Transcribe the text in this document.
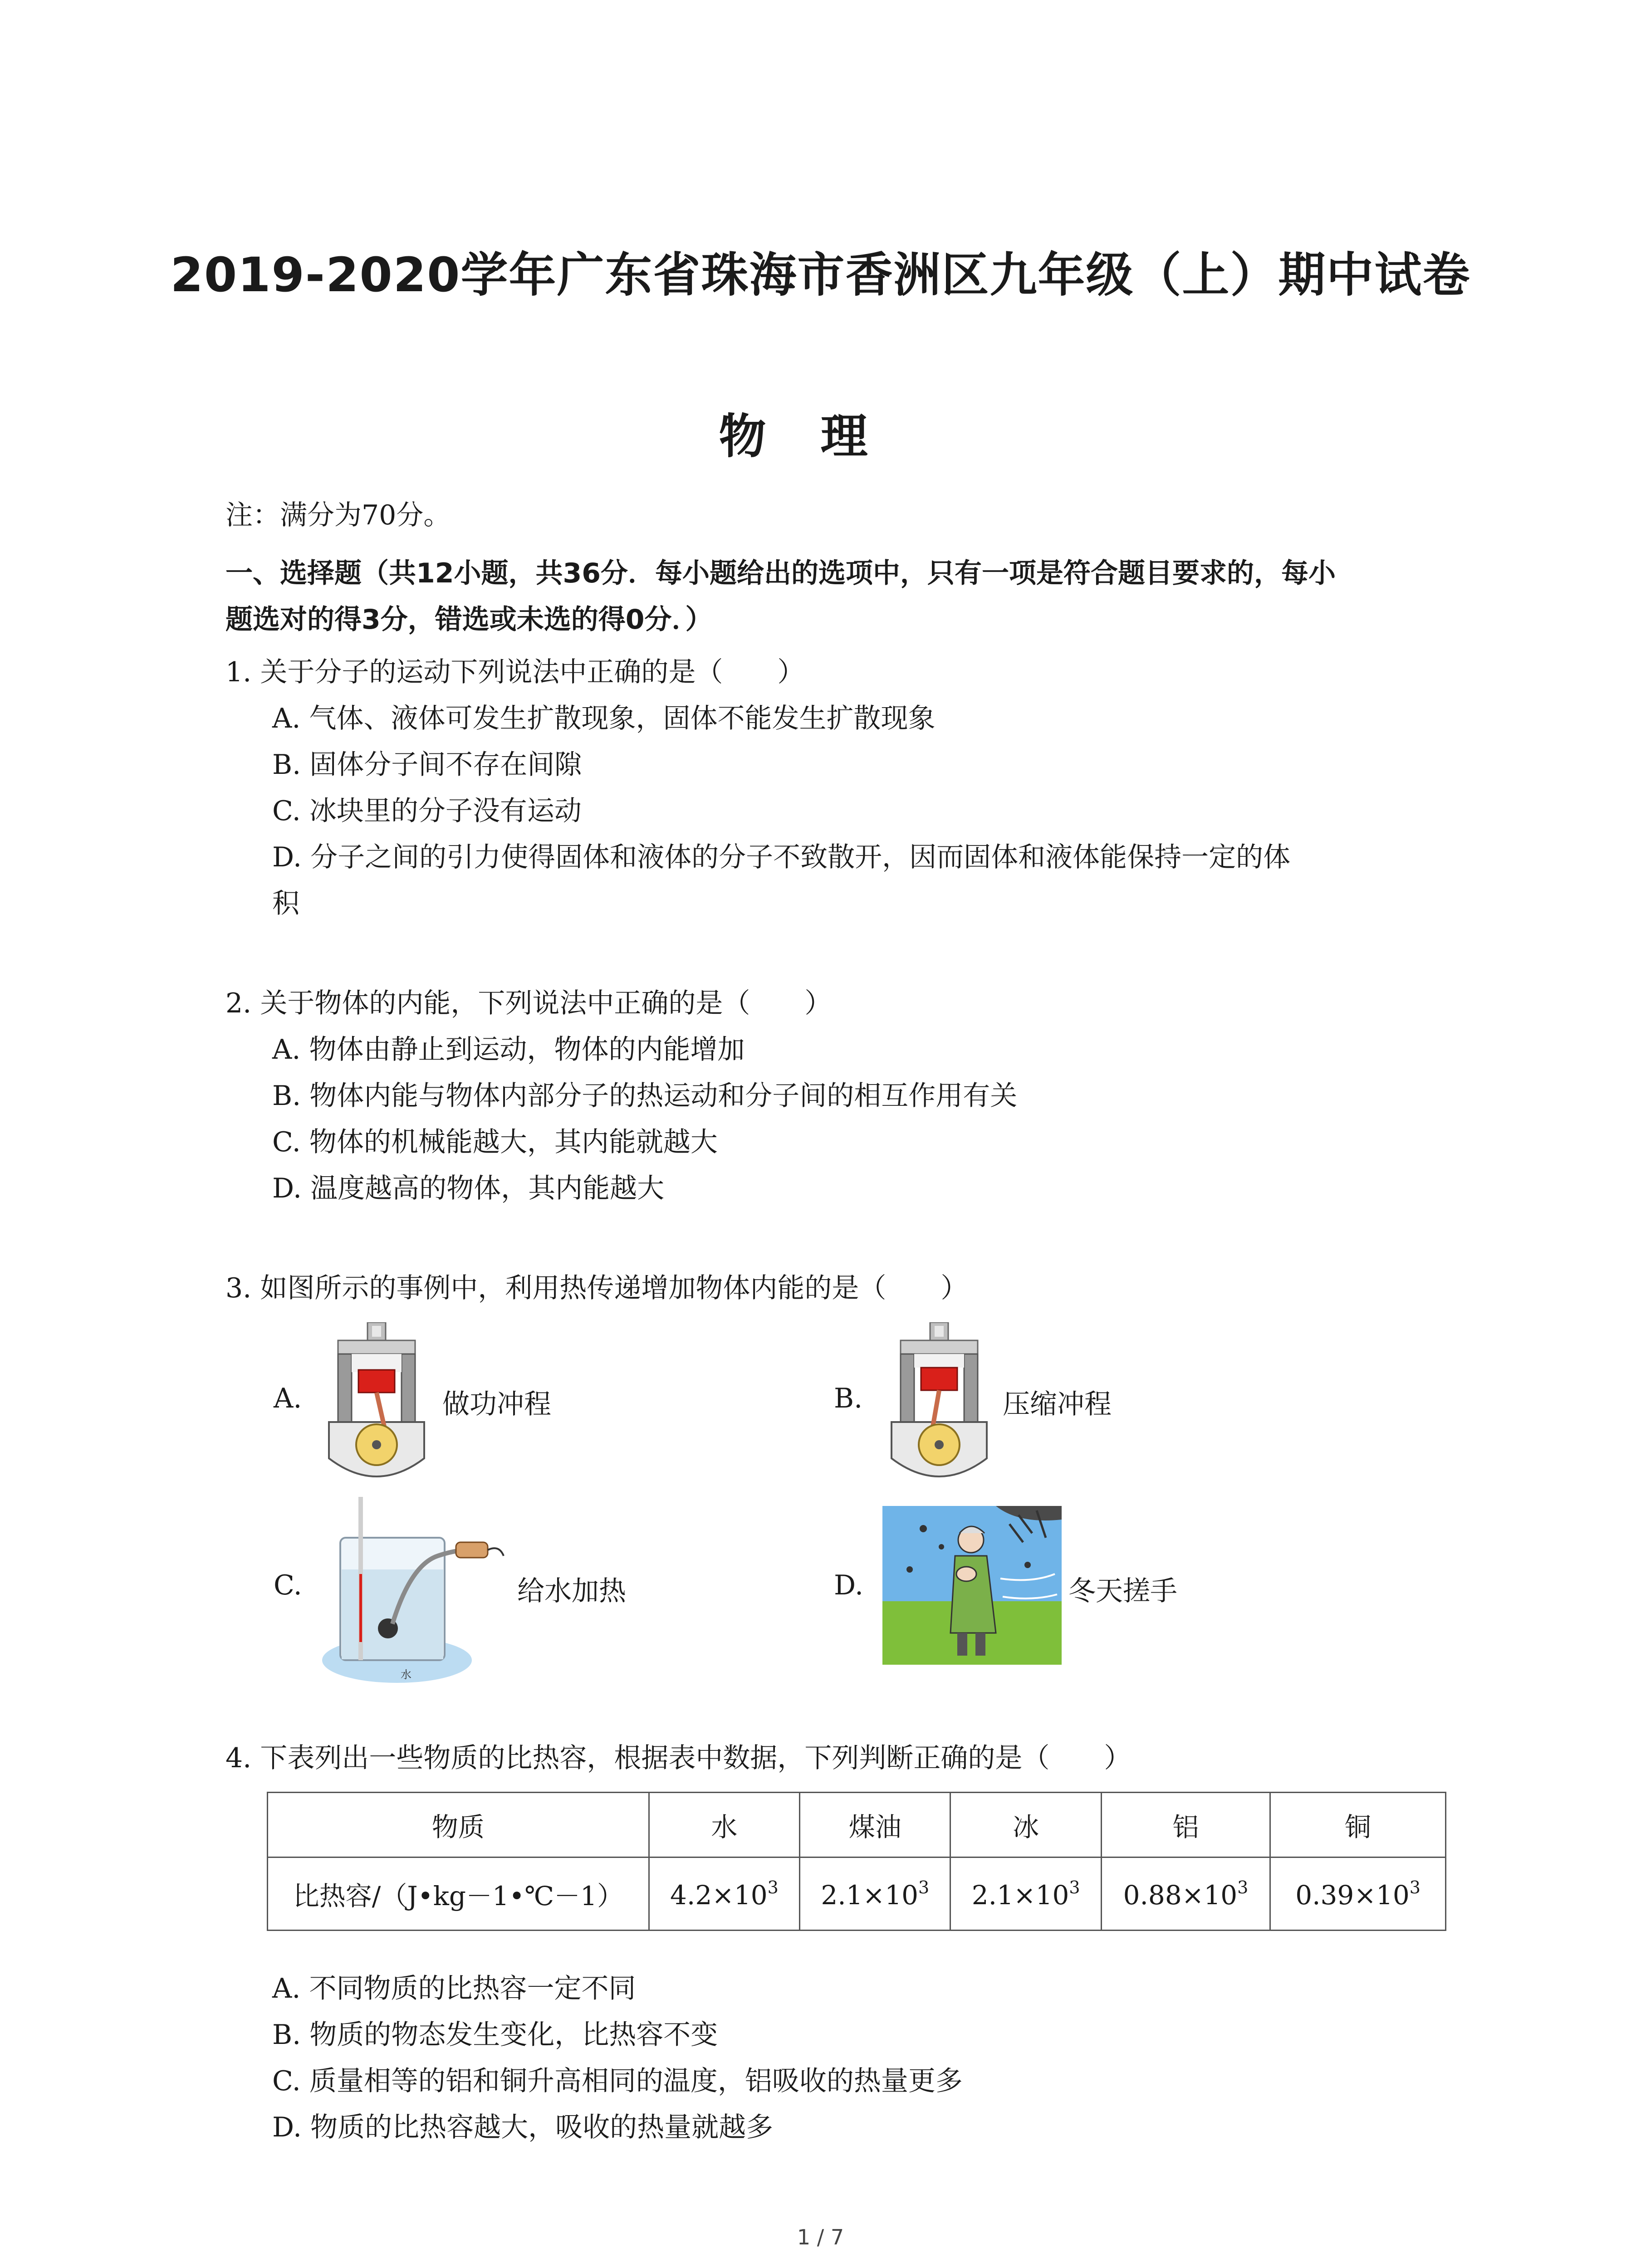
2019-2020学年广东省珠海市香洲区九年级（上）期中试卷
物理
注：满分为70分。
一、选择题（共12小题，共36分．每小题给出的选项中，只有一项是符合题目要求的，每小
题选对的得3分，错选或未选的得0分．）
1. 关于分子的运动下列说法中正确的是（　　）
A. 气体、液体可发生扩散现象，固体不能发生扩散现象
B. 固体分子间不存在间隙
C. 冰块里的分子没有运动
D. 分子之间的引力使得固体和液体的分子不致散开，因而固体和液体能保持一定的体
积
2. 关于物体的内能，下列说法中正确的是（　　）
A. 物体由静止到运动，物体的内能增加
B. 物体内能与物体内部分子的热运动和分子间的相互作用有关
C. 物体的机械能越大，其内能就越大
D. 温度越高的物体，其内能越大
3. 如图所示的事例中，利用热传递增加物体内能的是（　　）
A.	做功冲程	B.	压缩冲程
C.
水
给水加热	D.	冬天搓手
4. 下表列出一些物质的比热容，根据表中数据，下列判断正确的是（　　）
物质	水	煤油	冰	铝	铜
比热容/（J•kg－1•℃－1）	$4.2\times 10^3$	$2.1\times 10^3$	$2.1\times 10^3$	$0.88\times 10^3$	$0.39\times 10^3$
A. 不同物质的比热容一定不同
B. 物质的物态发生变化，比热容不变
C. 质量相等的铝和铜升高相同的温度，铝吸收的热量更多
D. 物质的比热容越大，吸收的热量就越多
1 / 7
